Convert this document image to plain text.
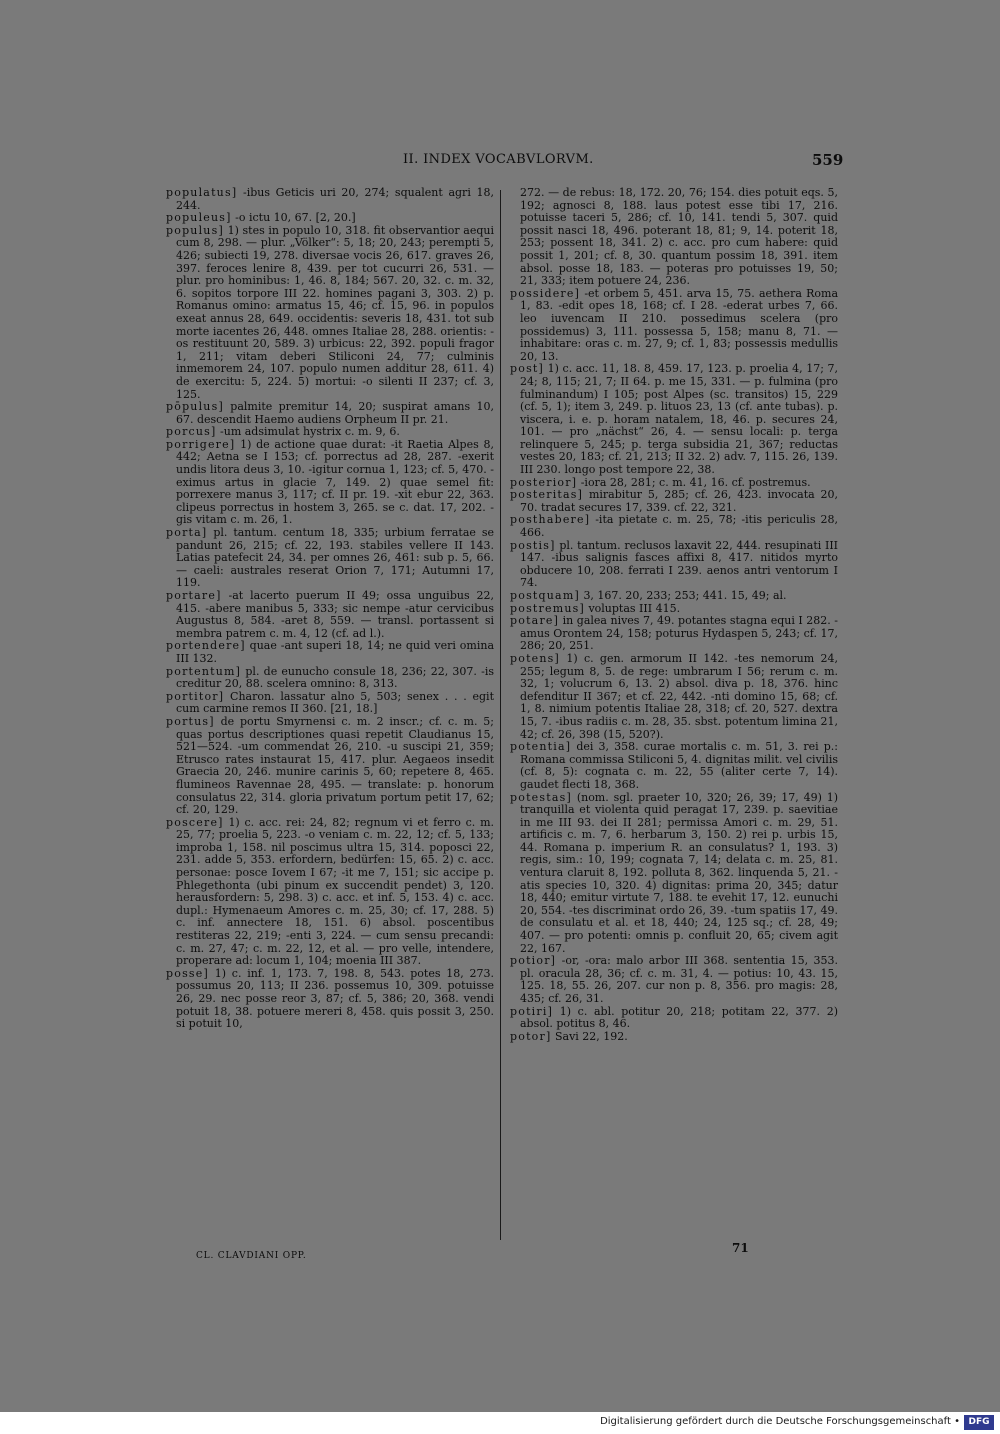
II. INDEX VOCABVLORVM.	559

populatus] -ibus Geticis uri 20, 274; squalent agri 18, 244.

populeus] -o ictu 10, 67. [2, 20.]

populus] 1) stes in populo 10, 318. fit observantior aequi cum 8, 298. — plur. „Völker“: 5, 18; 20, 243; perempti 5, 426; subiecti 19, 278. diversae vocis 26, 617. graves 26, 397. feroces lenire 8, 439. per tot cucurri 26, 531. — plur. pro hominibus: 1, 46. 8, 184; 567. 20, 32. c. m. 32, 6. sopitos torpore III 22. homines pagani 3, 303. 2) p. Romanus omino: armatus 15, 46; cf. 15, 96. in populos exeat annus 28, 649. occidentis: severis 18, 431. tot sub morte iacentes 26, 448. omnes Italiae 28, 288. orientis: -os restituunt 20, 589. 3) urbicus: 22, 392. populi fragor 1, 211; vitam deberi Stiliconi 24, 77; culminis inmemorem 24, 107. populo numen additur 28, 611. 4) de exercitu: 5, 224. 5) mortui: -o silenti II 237; cf. 3, 125.

pōpulus] palmite premitur 14, 20; suspirat amans 10, 67. descendit Haemo audiens Orpheum II pr. 21.

porcus] -um adsimulat hystrix c. m. 9, 6.

porrigere] 1) de actione quae durat: -it Raetia Alpes 8, 442; Aetna se I 153; cf. porrectus ad 28, 287. -exerit undis litora deus 3, 10. -igitur cornua 1, 123; cf. 5, 470. -eximus artus in glacie 7, 149. 2) quae semel fit: porrexere manus 3, 117; cf. II pr. 19. -xit ebur 22, 363. clipeus porrectus in hostem 3, 265. se c. dat. 17, 202. -gis vitam c. m. 26, 1.

porta] pl. tantum. centum 18, 335; urbium ferratae se pandunt 26, 215; cf. 22, 193. stabiles vellere II 143. Latias patefecit 24, 34. per omnes 26, 461: sub p. 5, 66. — caeli: australes reserat Orion 7, 171; Autumni 17, 119.

portare] -at lacerto puerum II 49; ossa unguibus 22, 415. -abere manibus 5, 333; sic nempe -atur cervicibus Augustus 8, 584. -aret 8, 559. — transl. portassent si membra patrem c. m. 4, 12 (cf. ad l.).

portendere] quae -ant superi 18, 14; ne quid veri omina III 132.

portentum] pl. de eunucho consule 18, 236; 22, 307. -is creditur 20, 88. scelera omnino: 8, 313.

portitor] Charon. lassatur alno 5, 503; senex . . . egit cum carmine remos II 360. [21, 18.]

portus] de portu Smyrnensi c. m. 2 inscr.; cf. c. m. 5; quas portus descriptiones quasi repetit Claudianus 15, 521—524. -um commendat 26, 210. -u suscipi 21, 359; Etrusco rates instaurat 15, 417. plur. Aegaeos insedit Graecia 20, 246. munire carinis 5, 60; repetere 8, 465. flumineos Ravennae 28, 495. — translate: p. honorum consulatus 22, 314. gloria privatum portum petit 17, 62; cf. 20, 129.

poscere] 1) c. acc. rei: 24, 82; regnum vi et ferro c. m. 25, 77; proelia 5, 223. -o veniam c. m. 22, 12; cf. 5, 133; improba 1, 158. nil poscimus ultra 15, 314. poposci 22, 231. adde 5, 353. erfordern, bedürfen: 15, 65. 2) c. acc. personae: posce Iovem I 67; -it me 7, 151; sic accipe p. Phlegethonta (ubi pinum ex succendit pendet) 3, 120. herausfordern: 5, 298. 3) c. acc. et inf. 5, 153. 4) c. acc. dupl.: Hymenaeum Amores c. m. 25, 30; cf. 17, 288. 5) c. inf. annectere 18, 151. 6) absol. poscentibus restiteras 22, 219; -enti 3, 224. — cum sensu precandi: c. m. 27, 47; c. m. 22, 12, et al. — pro velle, intendere, properare ad: locum 1, 104; moenia III 387.

posse] 1) c. inf. 1, 173. 7, 198. 8, 543. potes 18, 273. possumus 20, 113; II 236. possemus 10, 309. potuisse 26, 29. nec posse reor 3, 87; cf. 5, 386; 20, 368. vendi potuit 18, 38. potuere mereri 8, 458. quis possit 3, 250. si potuit 10,

272. — de rebus: 18, 172. 20, 76; 154. dies potuit eqs. 5, 192; agnosci 8, 188. laus potest esse tibi 17, 216. potuisse taceri 5, 286; cf. 10, 141. tendi 5, 307. quid possit nasci 18, 496. poterant 18, 81; 9, 14. poterit 18, 253; possent 18, 341. 2) c. acc. pro cum habere: quid possit 1, 201; cf. 8, 30. quantum possim 18, 391. item absol. posse 18, 183. — poteras pro potuisses 19, 50; 21, 333; item potuere 24, 236.

possidere] -et orbem 5, 451. arva 15, 75. aethera Roma 1, 83. -edit opes 18, 168; cf. I 28. -ederat urbes 7, 66. leo iuvencam II 210. possedimus scelera (pro possidemus) 3, 111. possessa 5, 158; manu 8, 71. — inhabitare: oras c. m. 27, 9; cf. 1, 83; possessis medullis 20, 13.

post] 1) c. acc. 11, 18. 8, 459. 17, 123. p. proelia 4, 17; 7, 24; 8, 115; 21, 7; II 64. p. me 15, 331. — p. fulmina (pro fulminandum) I 105; post Alpes (sc. transitos) 15, 229 (cf. 5, 1); item 3, 249. p. lituos 23, 13 (cf. ante tubas). p. viscera, i. e. p. horam natalem, 18, 46. p. secures 24, 101. — pro „nächst“ 26, 4. — sensu locali: p. terga relinquere 5, 245; p. terga subsidia 21, 367; reductas vestes 20, 183; cf. 21, 213; II 32. 2) adv. 7, 115. 26, 139. III 230. longo post tempore 22, 38.

posterior] -iora 28, 281; c. m. 41, 16. cf. postremus.

posteritas] mirabitur 5, 285; cf. 26, 423. invocata 20, 70. tradat secures 17, 339. cf. 22, 321.

posthabere] -ita pietate c. m. 25, 78; -itis periculis 28, 466.

postis] pl. tantum. reclusos laxavit 22, 444. resupinati III 147. -ibus salignis fasces affixi 8, 417. nitidos myrto obducere 10, 208. ferrati I 239. aenos antri ventorum I 74.

postquam] 3, 167. 20, 233; 253; 441. 15, 49; al.

postremus] voluptas III 415.

potare] in galea nives 7, 49. potantes stagna equi I 282. -amus Orontem 24, 158; poturus Hydaspen 5, 243; cf. 17, 286; 20, 251.

potens] 1) c. gen. armorum II 142. -tes nemorum 24, 255; legum 8, 5. de rege: umbrarum I 56; rerum c. m. 32, 1; volucrum 6, 13. 2) absol. diva p. 18, 376. hinc defenditur II 367; et cf. 22, 442. -nti domino 15, 68; cf. 1, 8. nimium potentis Italiae 28, 318; cf. 20, 527. dextra 15, 7. -ibus radiis c. m. 28, 35. sbst. potentum limina 21, 42; cf. 26, 398 (15, 520?).

potentia] dei 3, 358. curae mortalis c. m. 51, 3. rei p.: Romana commissa Stiliconi 5, 4. dignitas milit. vel civilis (cf. 8, 5): cognata c. m. 22, 55 (aliter certe 7, 14). gaudet flecti 18, 368.

potestas] (nom. sgl. praeter 10, 320; 26, 39; 17, 49) 1) tranquilla et violenta quid peragat 17, 239. p. saevitiae in me III 93. dei II 281; permissa Amori c. m. 29, 51. artificis c. m. 7, 6. herbarum 3, 150. 2) rei p. urbis 15, 44. Romana p. imperium R. an consulatus? 1, 193. 3) regis, sim.: 10, 199; cognata 7, 14; delata c. m. 25, 81. ventura claruit 8, 192. polluta 8, 362. linquenda 5, 21. -atis species 10, 320. 4) dignitas: prima 20, 345; datur 18, 440; emitur virtute 7, 188. te evehit 17, 12. eunuchi 20, 554. -tes discriminat ordo 26, 39. -tum spatiis 17, 49. de consulatu et al. et 18, 440; 24, 125 sq.; cf. 28, 49; 407. — pro potenti: omnis p. confluit 20, 65; civem agit 22, 167.

potior] -or, -ora: malo arbor III 368. sententia 15, 353. pl. oracula 28, 36; cf. c. m. 31, 4. — potius: 10, 43. 15, 125. 18, 55. 26, 207. cur non p. 8, 356. pro magis: 28, 435; cf. 26, 31.

potiri] 1) c. abl. potitur 20, 218; potitam 22, 377. 2) absol. potitus 8, 46.

potor] Savi 22, 192.

CL. CLAVDIANI OPP.
71
Digitalisierung gefördert durch die Deutsche Forschungsgemeinschaft • DFG
